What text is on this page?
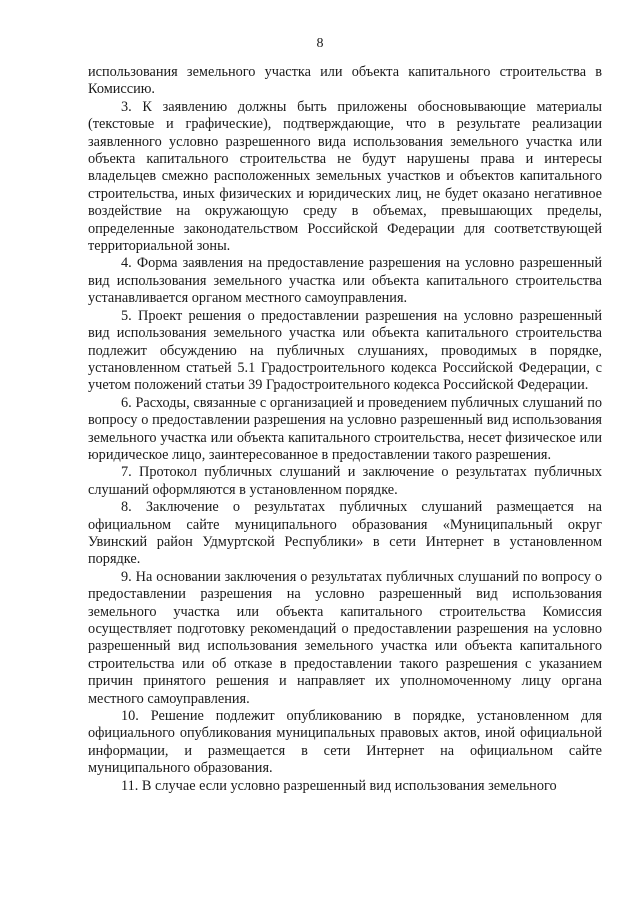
8

использования земельного участка или объекта капитального строительства в Комиссию.

3. К заявлению должны быть приложены обосновывающие материалы (текстовые и графические), подтверждающие, что в результате реализации заявленного условно разрешенного вида использования земельного участка или объекта капитального строительства не будут нарушены права и интересы владельцев смежно расположенных земельных участков и объектов капитального строительства, иных физических и юридических лиц, не будет оказано негативное воздействие на окружающую среду в объемах, превышающих пределы, определенные законодательством Российской Федерации для соответствующей территориальной зоны.

4. Форма заявления на предоставление разрешения на условно разрешенный вид использования земельного участка или объекта капитального строительства устанавливается органом местного самоуправления.

5. Проект решения о предоставлении разрешения на условно разрешенный вид использования земельного участка или объекта капитального строительства подлежит обсуждению на публичных слушаниях, проводимых в порядке, установленном статьей 5.1 Градостроительного кодекса Российской Федерации, с учетом положений статьи 39 Градостроительного кодекса Российской Федерации.

6. Расходы, связанные с организацией и проведением публичных слушаний по вопросу о предоставлении разрешения на условно разрешенный вид использования земельного участка или объекта капитального строительства, несет физическое или юридическое лицо, заинтересованное в предоставлении такого разрешения.

7. Протокол публичных слушаний и заключение о результатах публичных слушаний оформляются в установленном порядке.

8. Заключение о результатах публичных слушаний размещается на официальном сайте муниципального образования «Муниципальный округ Увинский район Удмуртской Республики» в сети Интернет в установленном порядке.

9. На основании заключения о результатах публичных слушаний по вопросу о предоставлении разрешения на условно разрешенный вид использования земельного участка или объекта капитального строительства Комиссия осуществляет подготовку рекомендаций о предоставлении разрешения на условно разрешенный вид использования земельного участка или объекта капитального строительства или об отказе в предоставлении такого разрешения с указанием причин принятого решения и направляет их уполномоченному лицу органа местного самоуправления.

10. Решение подлежит опубликованию в порядке, установленном для официального опубликования муниципальных правовых актов, иной официальной информации, и размещается в сети Интернет на официальном сайте муниципального образования.

11. В случае если условно разрешенный вид использования земельного
